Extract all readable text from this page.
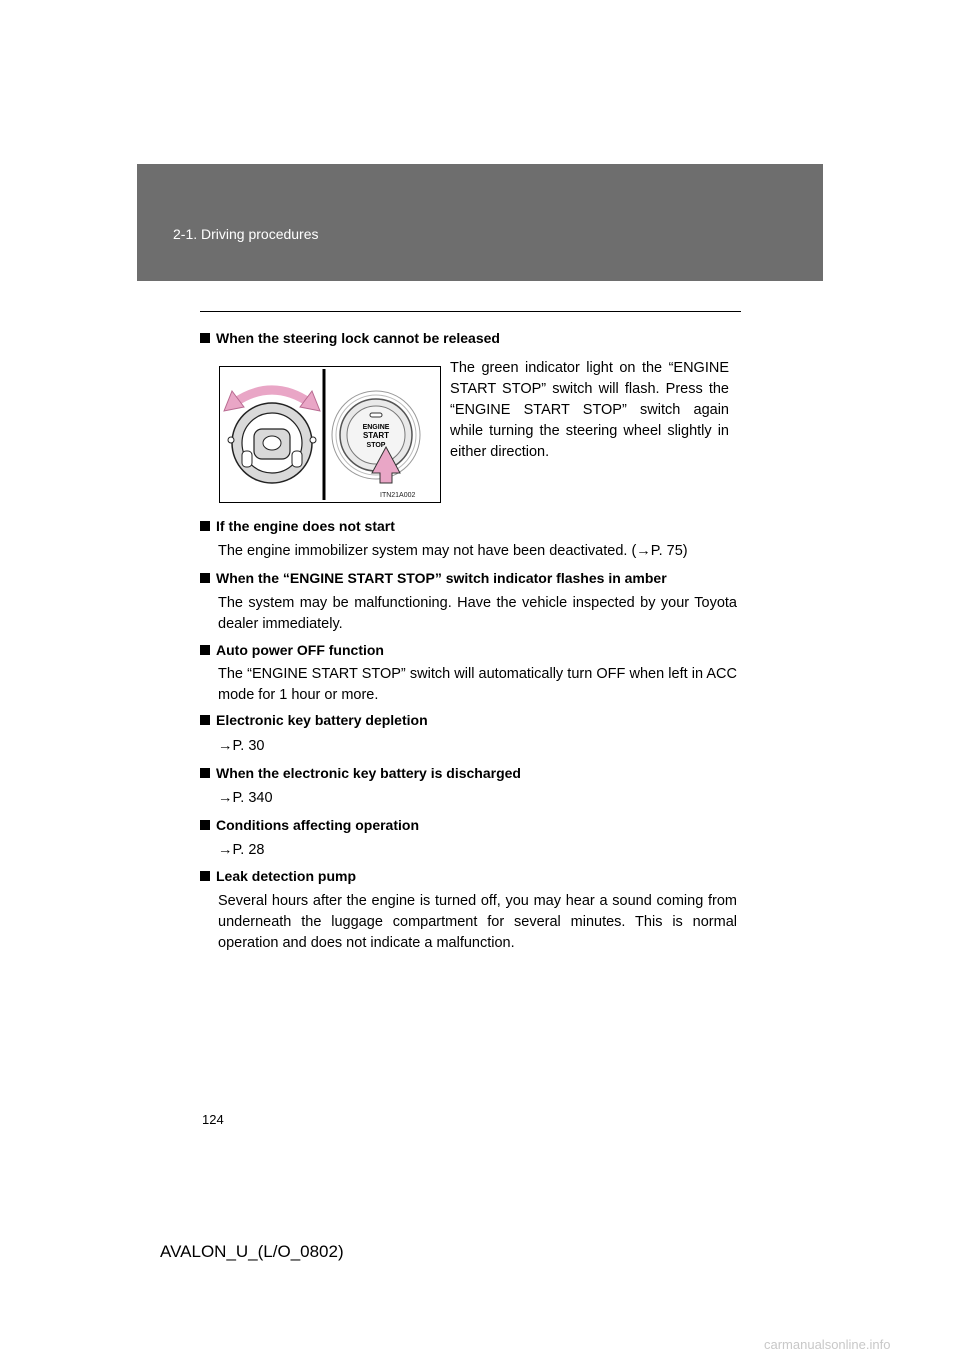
2-1. Driving procedures
When the steering lock cannot be released
ENGINE
START
STOP
ITN21A002
The green indicator light on the “ENGINE START STOP” switch will flash. Press the “ENGINE START STOP” switch again while turning the steering wheel slightly in either direction.
If the engine does not start
The engine immobilizer system may not have been deactivated. (→P. 75)
When the “ENGINE START STOP” switch indicator flashes in amber
The system may be malfunctioning. Have the vehicle inspected by your Toyota dealer immediately.
Auto power OFF function
The “ENGINE START STOP” switch will automatically turn OFF when left in ACC mode for 1 hour or more.
Electronic key battery depletion
→P. 30
When the electronic key battery is discharged
→P. 340
Conditions affecting operation
→P. 28
Leak detection pump
Several hours after the engine is turned off, you may hear a sound coming from underneath the luggage compartment for several minutes. This is normal operation and does not indicate a malfunction.
124
AVALON_U_(L/O_0802)
carmanualsonline.info
